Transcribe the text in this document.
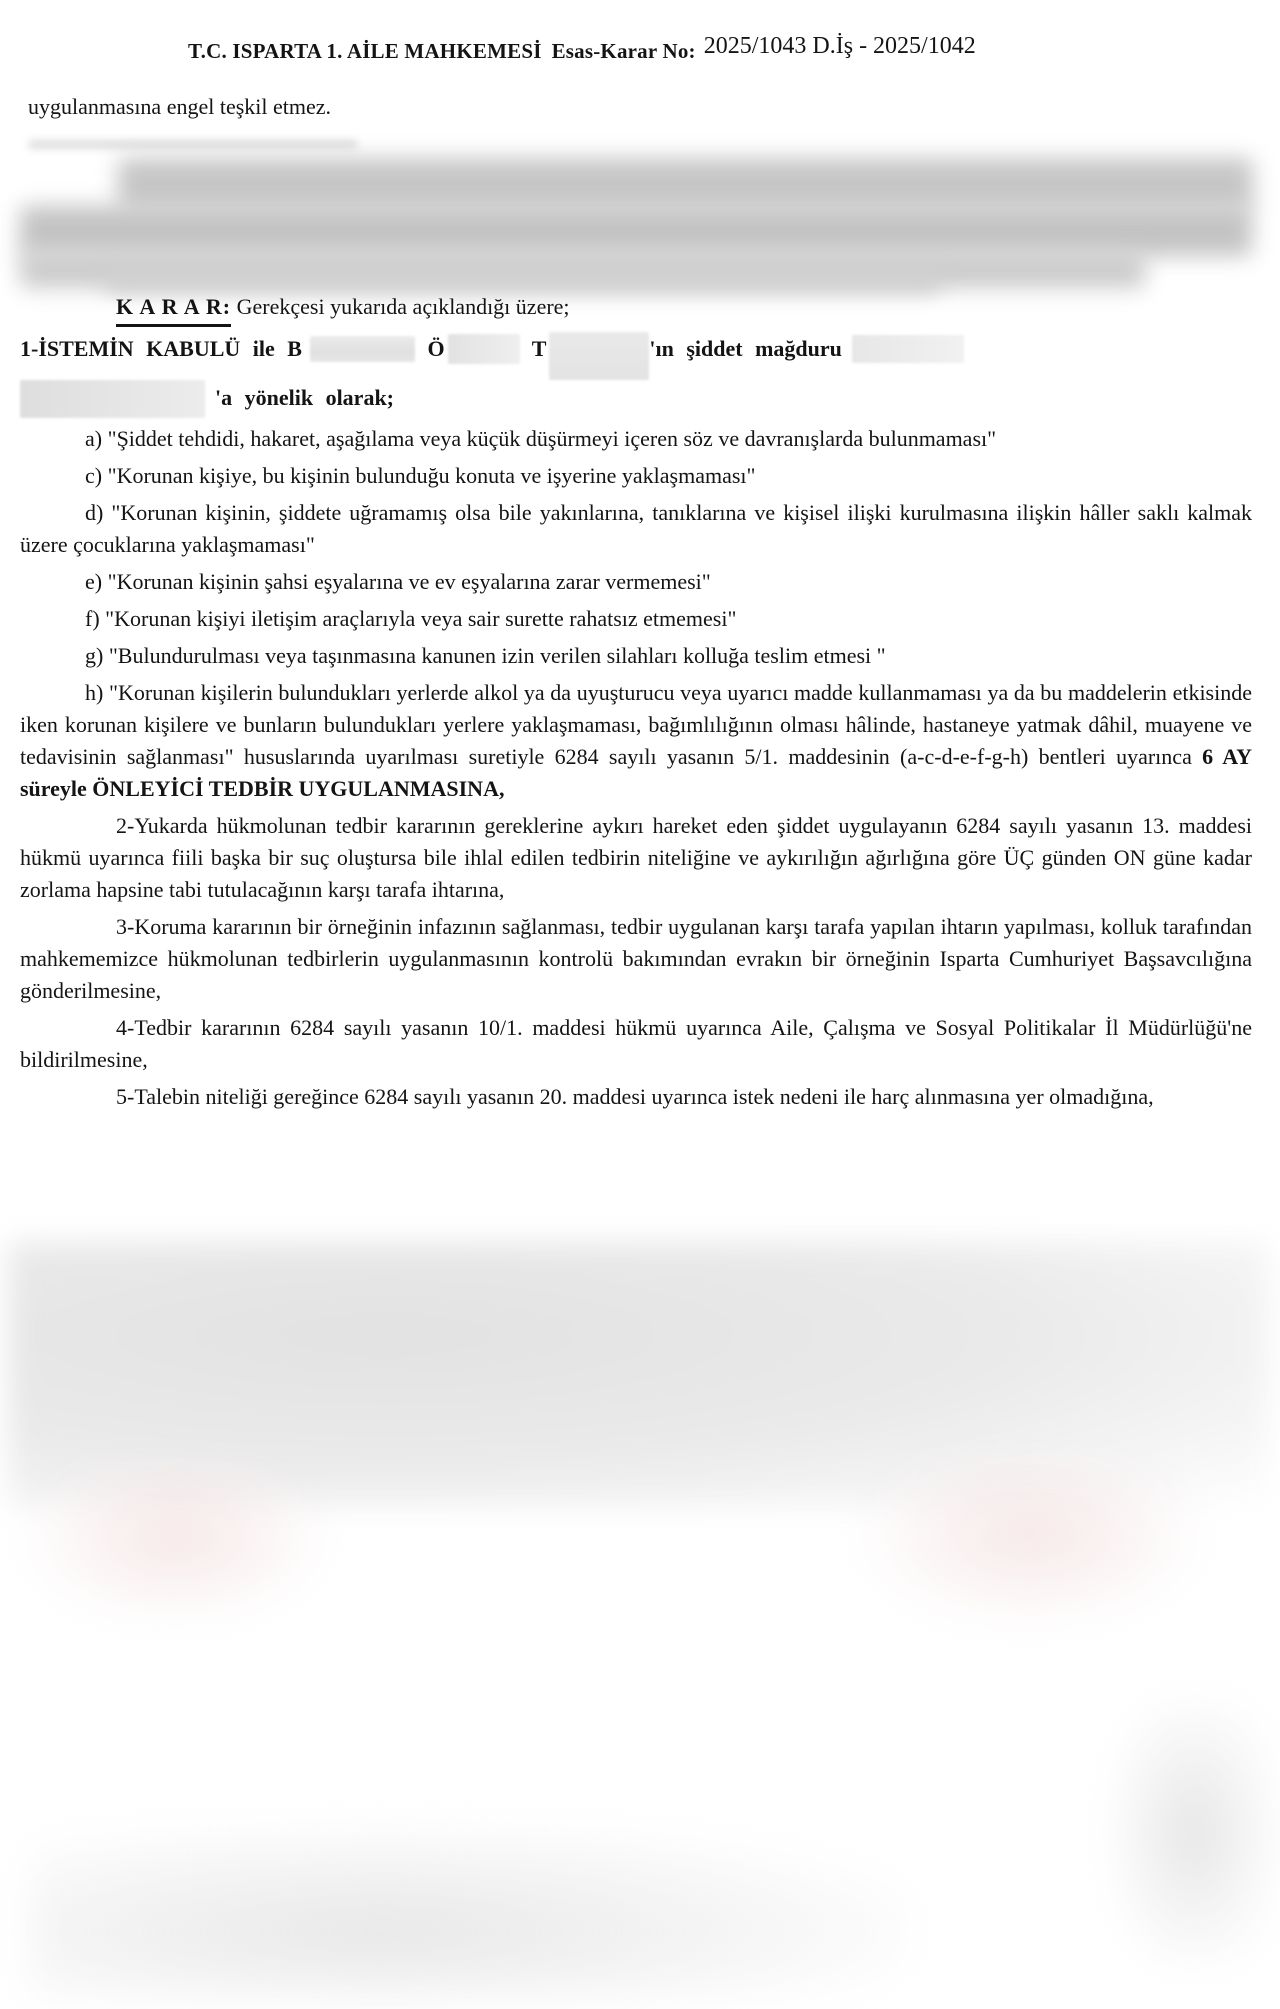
T.C. ISPARTA 1. AİLE MAHKEMESİ Esas-Karar No: 2025/1043 D.İş - 2025/1042
uygulanmasına engel teşkil etmez.

K A R A R: Gerekçesi yukarıda açıklandığı üzere;

1-İSTEMİN KABULÜ ile B	Ö	T	'ın şiddet mağduru
'a yönelik olarak;

a) "Şiddet tehdidi, hakaret, aşağılama veya küçük düşürmeyi içeren söz ve davranışlarda bulunmaması"

c) "Korunan kişiye, bu kişinin bulunduğu konuta ve işyerine yaklaşmaması"

d) "Korunan kişinin, şiddete uğramamış olsa bile yakınlarına, tanıklarına ve kişisel ilişki kurulmasına ilişkin hâller saklı kalmak üzere çocuklarına yaklaşmaması"

e) "Korunan kişinin şahsi eşyalarına ve ev eşyalarına zarar vermemesi"

f) "Korunan kişiyi iletişim araçlarıyla veya sair surette rahatsız etmemesi"

g) "Bulundurulması veya taşınmasına kanunen izin verilen silahları kolluğa teslim etmesi "

h) "Korunan kişilerin bulundukları yerlerde alkol ya da uyuşturucu veya uyarıcı madde kullanmaması ya da bu maddelerin etkisinde iken korunan kişilere ve bunların bulundukları yerlere yaklaşmaması, bağımlılığının olması hâlinde, hastaneye yatmak dâhil, muayene ve tedavisinin sağlanması" hususlarında uyarılması suretiyle 6284 sayılı yasanın 5/1. maddesinin (a-c-d-e-f-g-h) bentleri uyarınca 6 AY süreyle ÖNLEYİCİ TEDBİR UYGULANMASINA,

2-Yukarda hükmolunan tedbir kararının gereklerine aykırı hareket eden şiddet uygulayanın 6284 sayılı yasanın 13. maddesi hükmü uyarınca fiili başka bir suç oluştursa bile ihlal edilen tedbirin niteliğine ve aykırılığın ağırlığına göre ÜÇ günden ON güne kadar zorlama hapsine tabi tutulacağının karşı tarafa ihtarına,

3-Koruma kararının bir örneğinin infazının sağlanması, tedbir uygulanan karşı tarafa yapılan ihtarın yapılması, kolluk tarafından mahkememizce hükmolunan tedbirlerin uygulanmasının kontrolü bakımından evrakın bir örneğinin Isparta Cumhuriyet Başsavcılığına gönderilmesine,

4-Tedbir kararının 6284 sayılı yasanın 10/1. maddesi hükmü uyarınca Aile, Çalışma ve Sosyal Politikalar İl Müdürlüğü'ne bildirilmesine,

5-Talebin niteliği gereğince 6284 sayılı yasanın 20. maddesi uyarınca istek nedeni ile harç alınmasına yer olmadığına,
